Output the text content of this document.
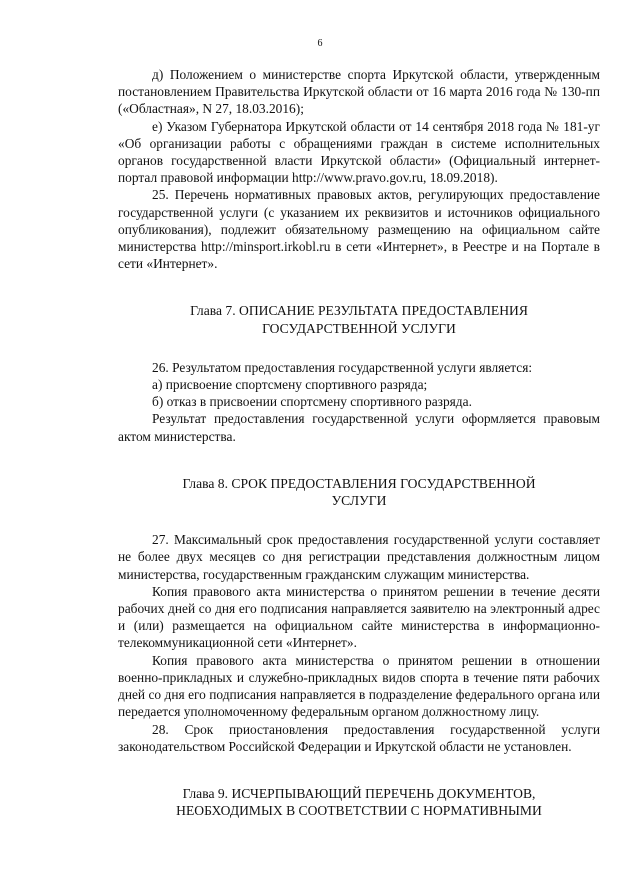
6

д) Положением о министерстве спорта Иркутской области, утвержденным постановлением Правительства Иркутской области от 16 марта 2016 года № 130-пп («Областная», N 27, 18.03.2016);

е) Указом Губернатора Иркутской области от 14 сентября 2018 года № 181-уг «Об организации работы с обращениями граждан в системе исполнительных органов государственной власти Иркутской области» (Официальный интернет-портал правовой информации http://www.pravo.gov.ru, 18.09.2018).

25. Перечень нормативных правовых актов, регулирующих предоставление государственной услуги (с указанием их реквизитов и источников официального опубликования), подлежит обязательному размещению на официальном сайте министерства http://minsport.irkobl.ru в сети «Интернет», в Реестре и на Портале в сети «Интернет».

Глава 7. ОПИСАНИЕ РЕЗУЛЬТАТА ПРЕДОСТАВЛЕНИЯ
ГОСУДАРСТВЕННОЙ УСЛУГИ

26. Результатом предоставления государственной услуги является:

а) присвоение спортсмену спортивного разряда;

б) отказ в присвоении спортсмену спортивного разряда.

Результат предоставления государственной услуги оформляется правовым актом министерства.

Глава 8. СРОК ПРЕДОСТАВЛЕНИЯ ГОСУДАРСТВЕННОЙ
УСЛУГИ

27. Максимальный срок предоставления государственной услуги составляет не более двух месяцев со дня регистрации представления должностным лицом министерства, государственным гражданским служащим министерства.

Копия правового акта министерства о принятом решении в течение десяти рабочих дней со дня его подписания направляется заявителю на электронный адрес и (или) размещается на официальном сайте министерства в информационно-телекоммуникационной сети «Интернет».

Копия правового акта министерства о принятом решении в отношении военно-прикладных и служебно-прикладных видов спорта в течение пяти рабочих дней со дня его подписания направляется в подразделение федерального органа или передается уполномоченному федеральным органом должностному лицу.

28. Срок приостановления предоставления государственной услуги законодательством Российской Федерации и Иркутской области не установлен.

Глава 9. ИСЧЕРПЫВАЮЩИЙ ПЕРЕЧЕНЬ ДОКУМЕНТОВ,
НЕОБХОДИМЫХ В СООТВЕТСТВИИ С НОРМАТИВНЫМИ
